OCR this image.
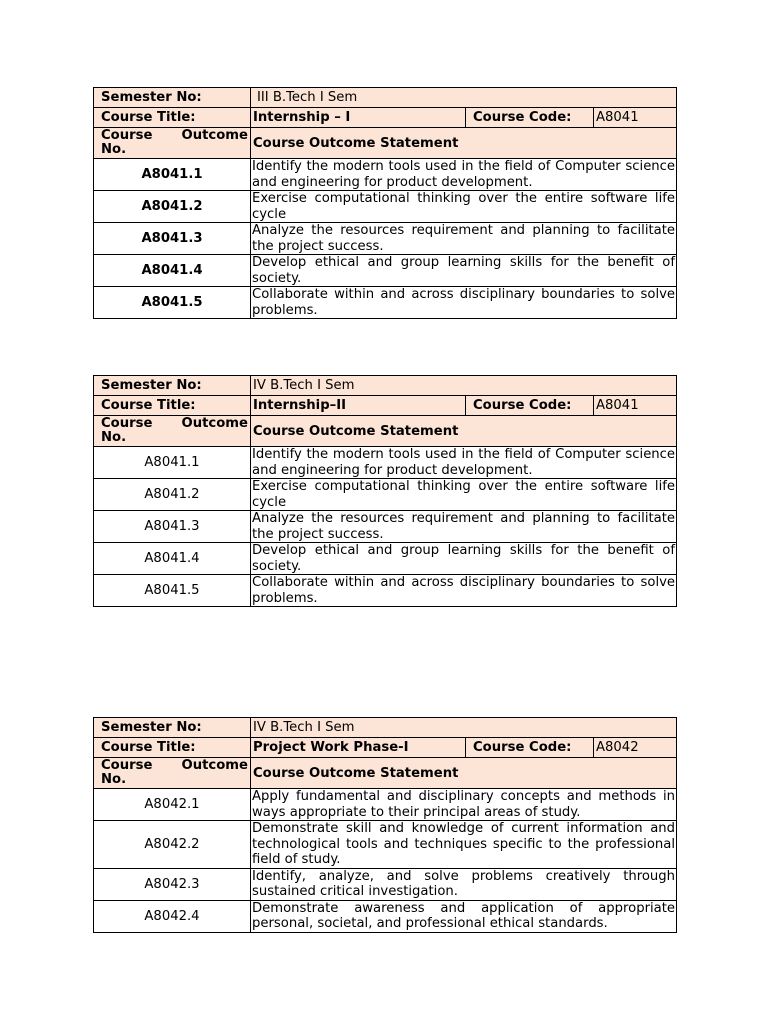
Semester No:	III B.Tech I Sem		
Course Title:	Internship – I	Course Code:	A8041
Course Outcome No.	Course Outcome Statement		
A8041.1	Identify the modern tools used in the field of Computer science and engineering for product development.		
A8041.2	Exercise computational thinking over the entire software life cycle		
A8041.3	Analyze the resources requirement and planning to facilitate the project success.		
A8041.4	Develop ethical and group learning skills for the benefit of society.		
A8041.5	Collaborate within and across disciplinary boundaries to solve problems.		
Semester No:	IV B.Tech I Sem		
Course Title:	Internship–II	Course Code:	A8041
Course Outcome No.	Course Outcome Statement		
A8041.1	Identify the modern tools used in the field of Computer science and engineering for product development.		
A8041.2	Exercise computational thinking over the entire software life cycle		
A8041.3	Analyze the resources requirement and planning to facilitate the project success.		
A8041.4	Develop ethical and group learning skills for the benefit of society.		
A8041.5	Collaborate within and across disciplinary boundaries to solve problems.		
Semester No:	IV B.Tech I Sem		
Course Title:	Project Work Phase-I	Course Code:	A8042
Course Outcome No.	Course Outcome Statement		
A8042.1	Apply fundamental and disciplinary concepts and methods in ways appropriate to their principal areas of study.		
A8042.2	Demonstrate skill and knowledge of current information and technological tools and techniques specific to the professional field of study.		
A8042.3	Identify, analyze, and solve problems creatively through sustained critical investigation.		
A8042.4	Demonstrate awareness and application of appropriate personal, societal, and professional ethical standards.		
